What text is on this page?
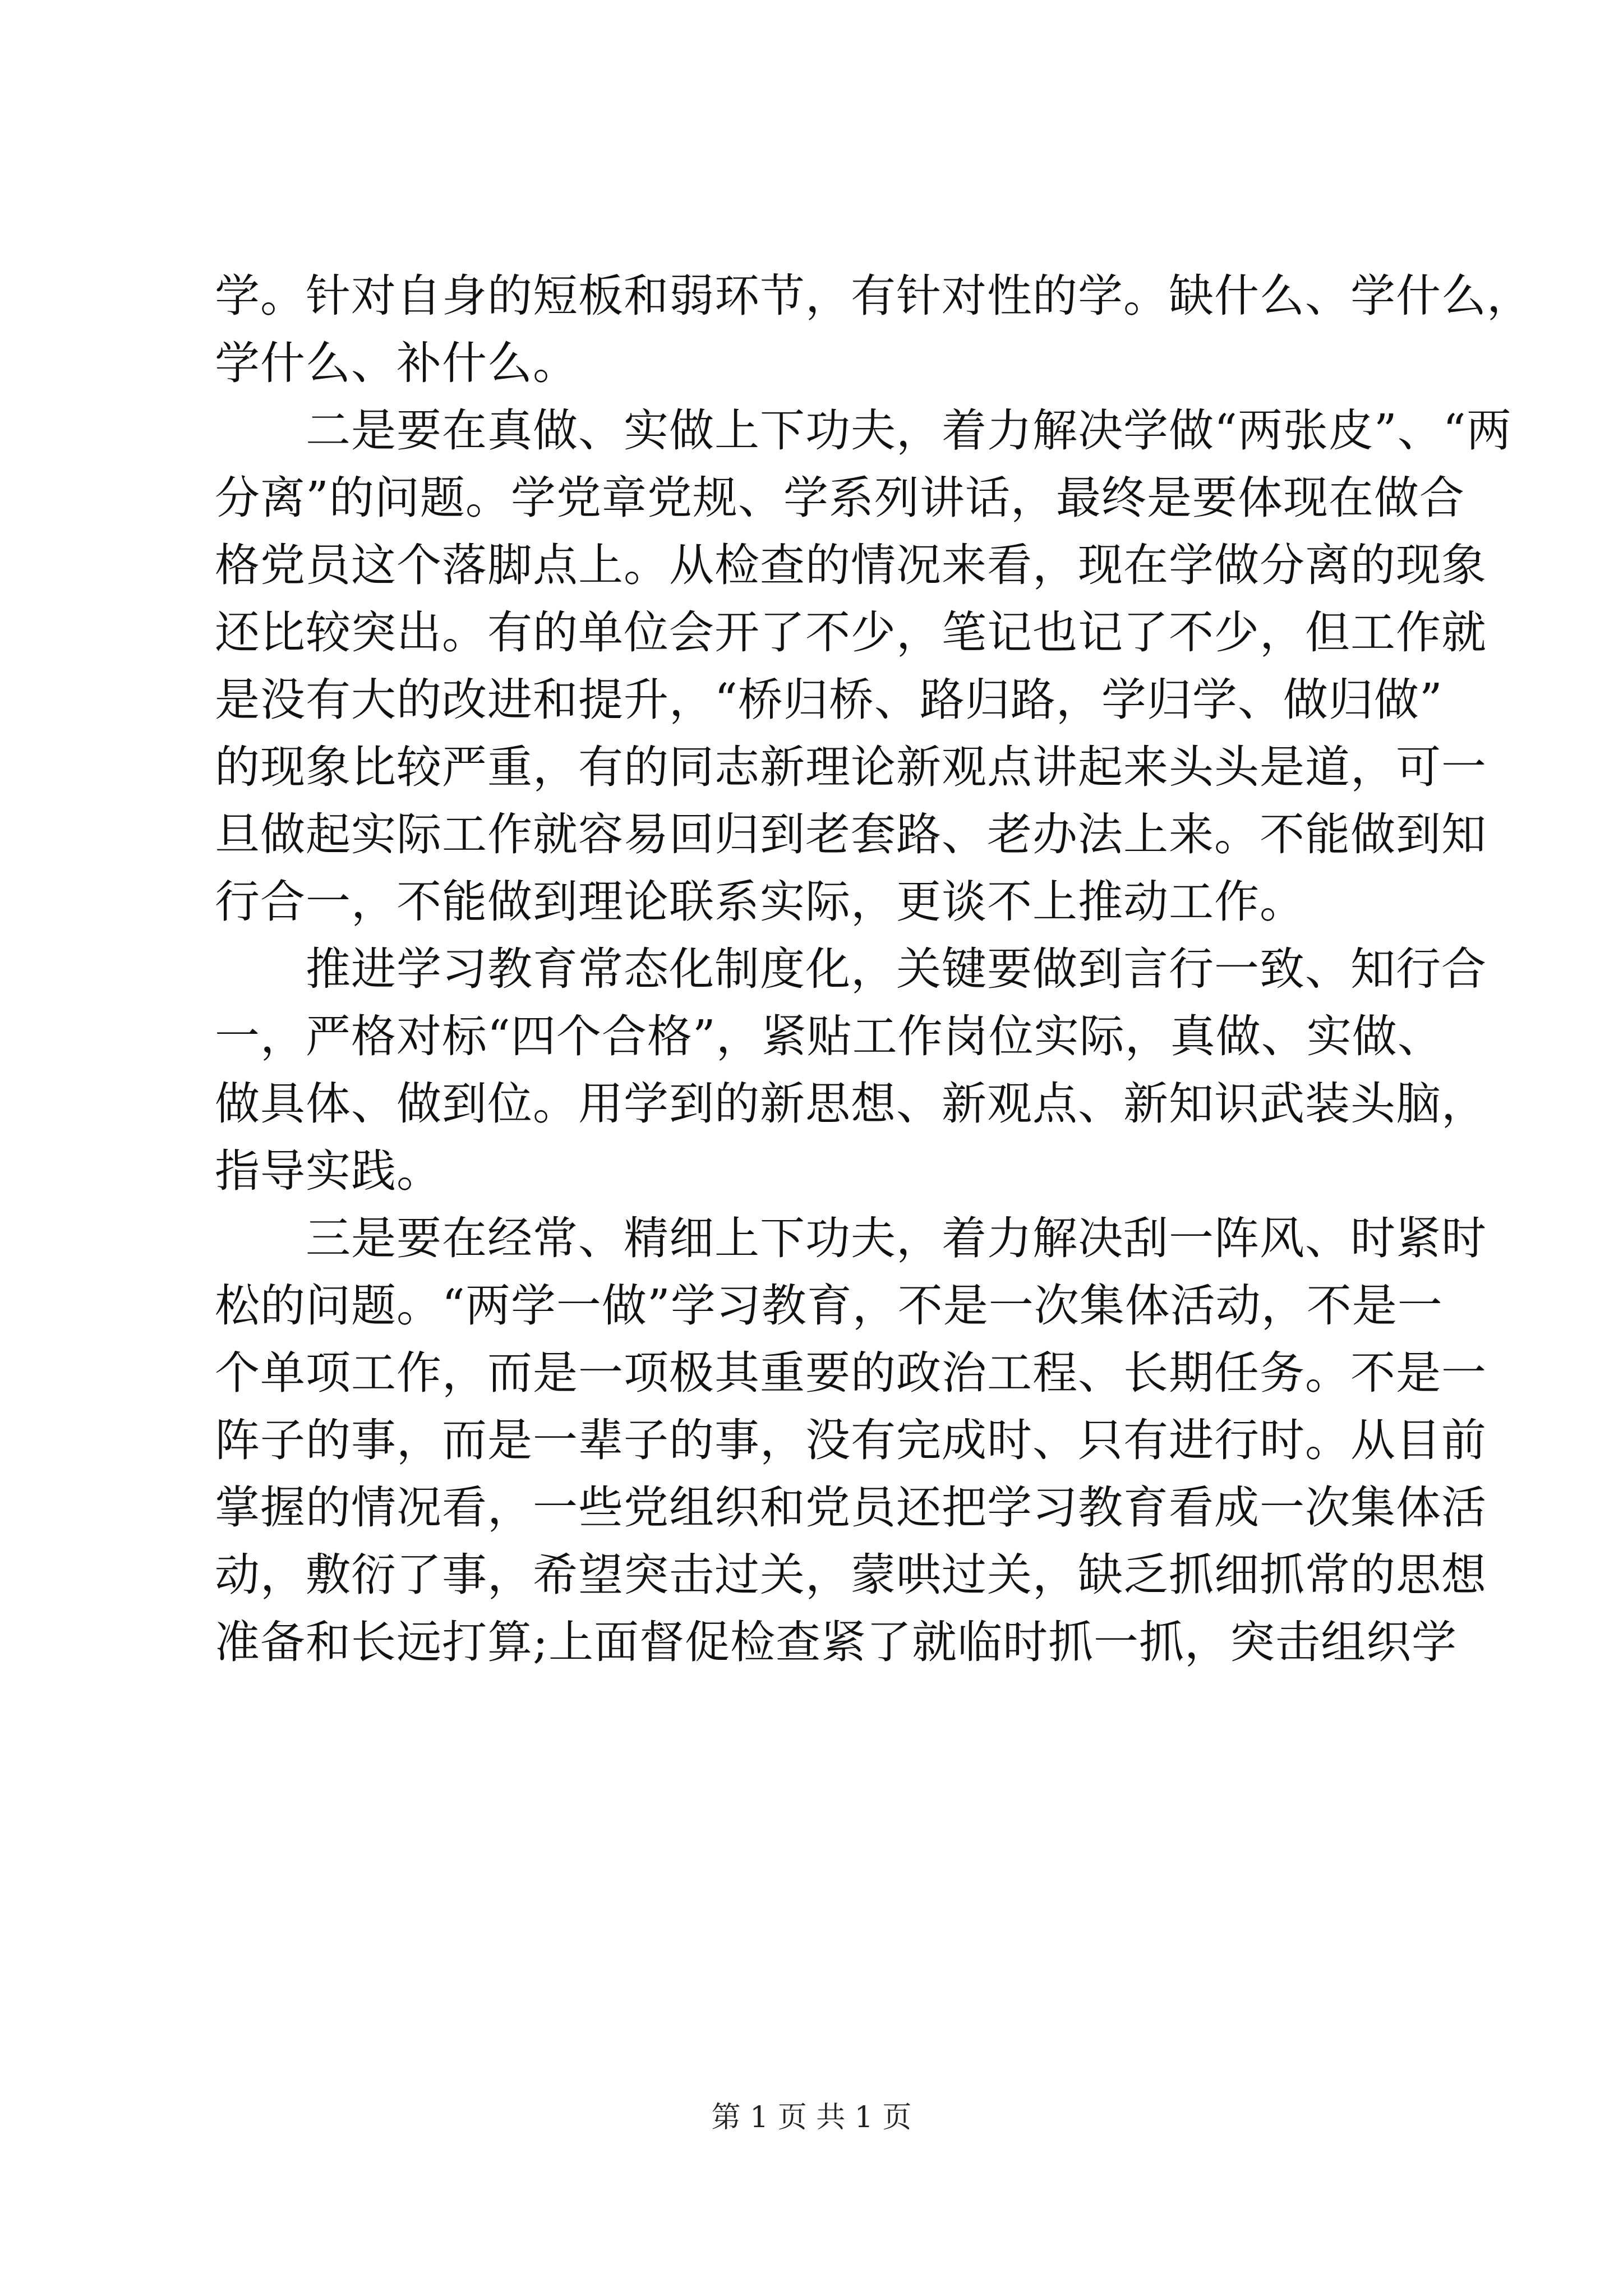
学。针对自身的短板和弱环节，有针对性的学。缺什么、学什么，
学什么、补什么。
二是要在真做、实做上下功夫，着力解决学做“两张皮”、“两
分离”的问题。学党章党规、学系列讲话，最终是要体现在做合
格党员这个落脚点上。从检查的情况来看，现在学做分离的现象
还比较突出。有的单位会开了不少，笔记也记了不少，但工作就
是没有大的改进和提升，“桥归桥、路归路，学归学、做归做”
的现象比较严重，有的同志新理论新观点讲起来头头是道，可一
旦做起实际工作就容易回归到老套路、老办法上来。不能做到知
行合一，不能做到理论联系实际，更谈不上推动工作。
推进学习教育常态化制度化，关键要做到言行一致、知行合
一，严格对标“四个合格”，紧贴工作岗位实际，真做、实做、
做具体、做到位。用学到的新思想、新观点、新知识武装头脑，
指导实践。
三是要在经常、精细上下功夫，着力解决刮一阵风、时紧时
松的问题。“两学一做”学习教育，不是一次集体活动，不是一
个单项工作，而是一项极其重要的政治工程、长期任务。不是一
阵子的事，而是一辈子的事，没有完成时、只有进行时。从目前
掌握的情况看，一些党组织和党员还把学习教育看成一次集体活
动，敷衍了事，希望突击过关，蒙哄过关，缺乏抓细抓常的思想
准备和长远打算;上面督促检查紧了就临时抓一抓，突击组织学
第 1 页 共 1 页
